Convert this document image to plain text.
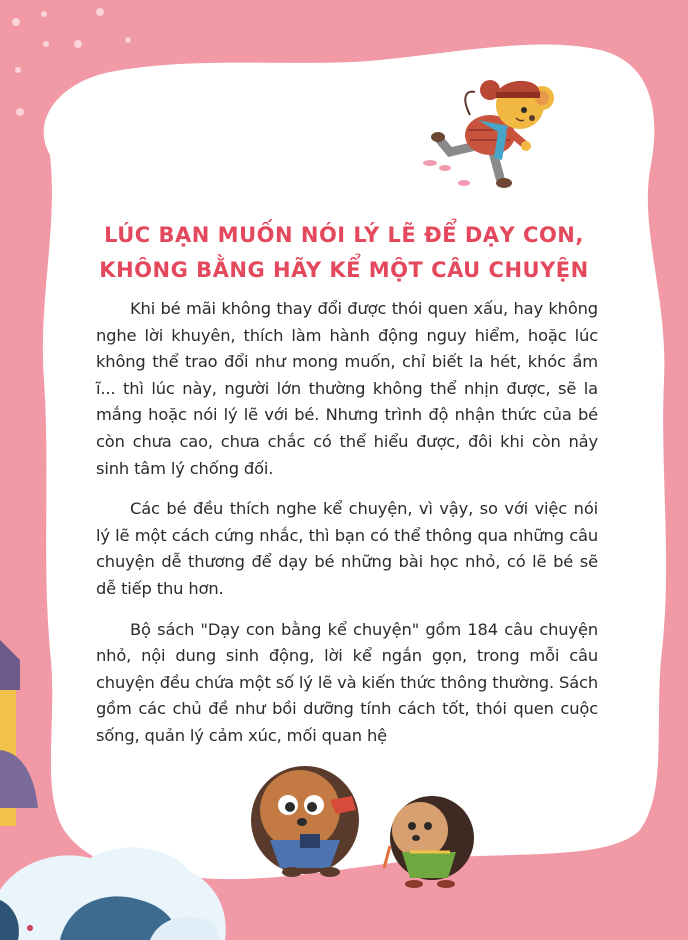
LÚC BẠN MUỐN NÓI LÝ LẼ ĐỂ DẠY CON,
KHÔNG BẰNG HÃY KỂ MỘT CÂU CHUYỆN

Khi bé mãi không thay đổi được thói quen xấu, hay không nghe lời khuyên, thích làm hành động nguy hiểm, hoặc lúc không thể trao đổi như mong muốn, chỉ biết la hét, khóc ầm ĩ... thì lúc này, người lớn thường không thể nhịn được, sẽ la mắng hoặc nói lý lẽ với bé. Nhưng trình độ nhận thức của bé còn chưa cao, chưa chắc có thể hiểu được, đôi khi còn nảy sinh tâm lý chống đối.

Các bé đều thích nghe kể chuyện, vì vậy, so với việc nói lý lẽ một cách cứng nhắc, thì bạn có thể thông qua những câu chuyện dễ thương để dạy bé những bài học nhỏ, có lẽ bé sẽ dễ tiếp thu hơn.

Bộ sách "Dạy con bằng kể chuyện" gồm 184 câu chuyện nhỏ, nội dung sinh động, lời kể ngắn gọn, trong mỗi câu chuyện đều chứa một số lý lẽ và kiến thức thông thường. Sách gồm các chủ đề như bồi dưỡng tính cách tốt, thói quen cuộc sống, quản lý cảm xúc, mối quan hệ
